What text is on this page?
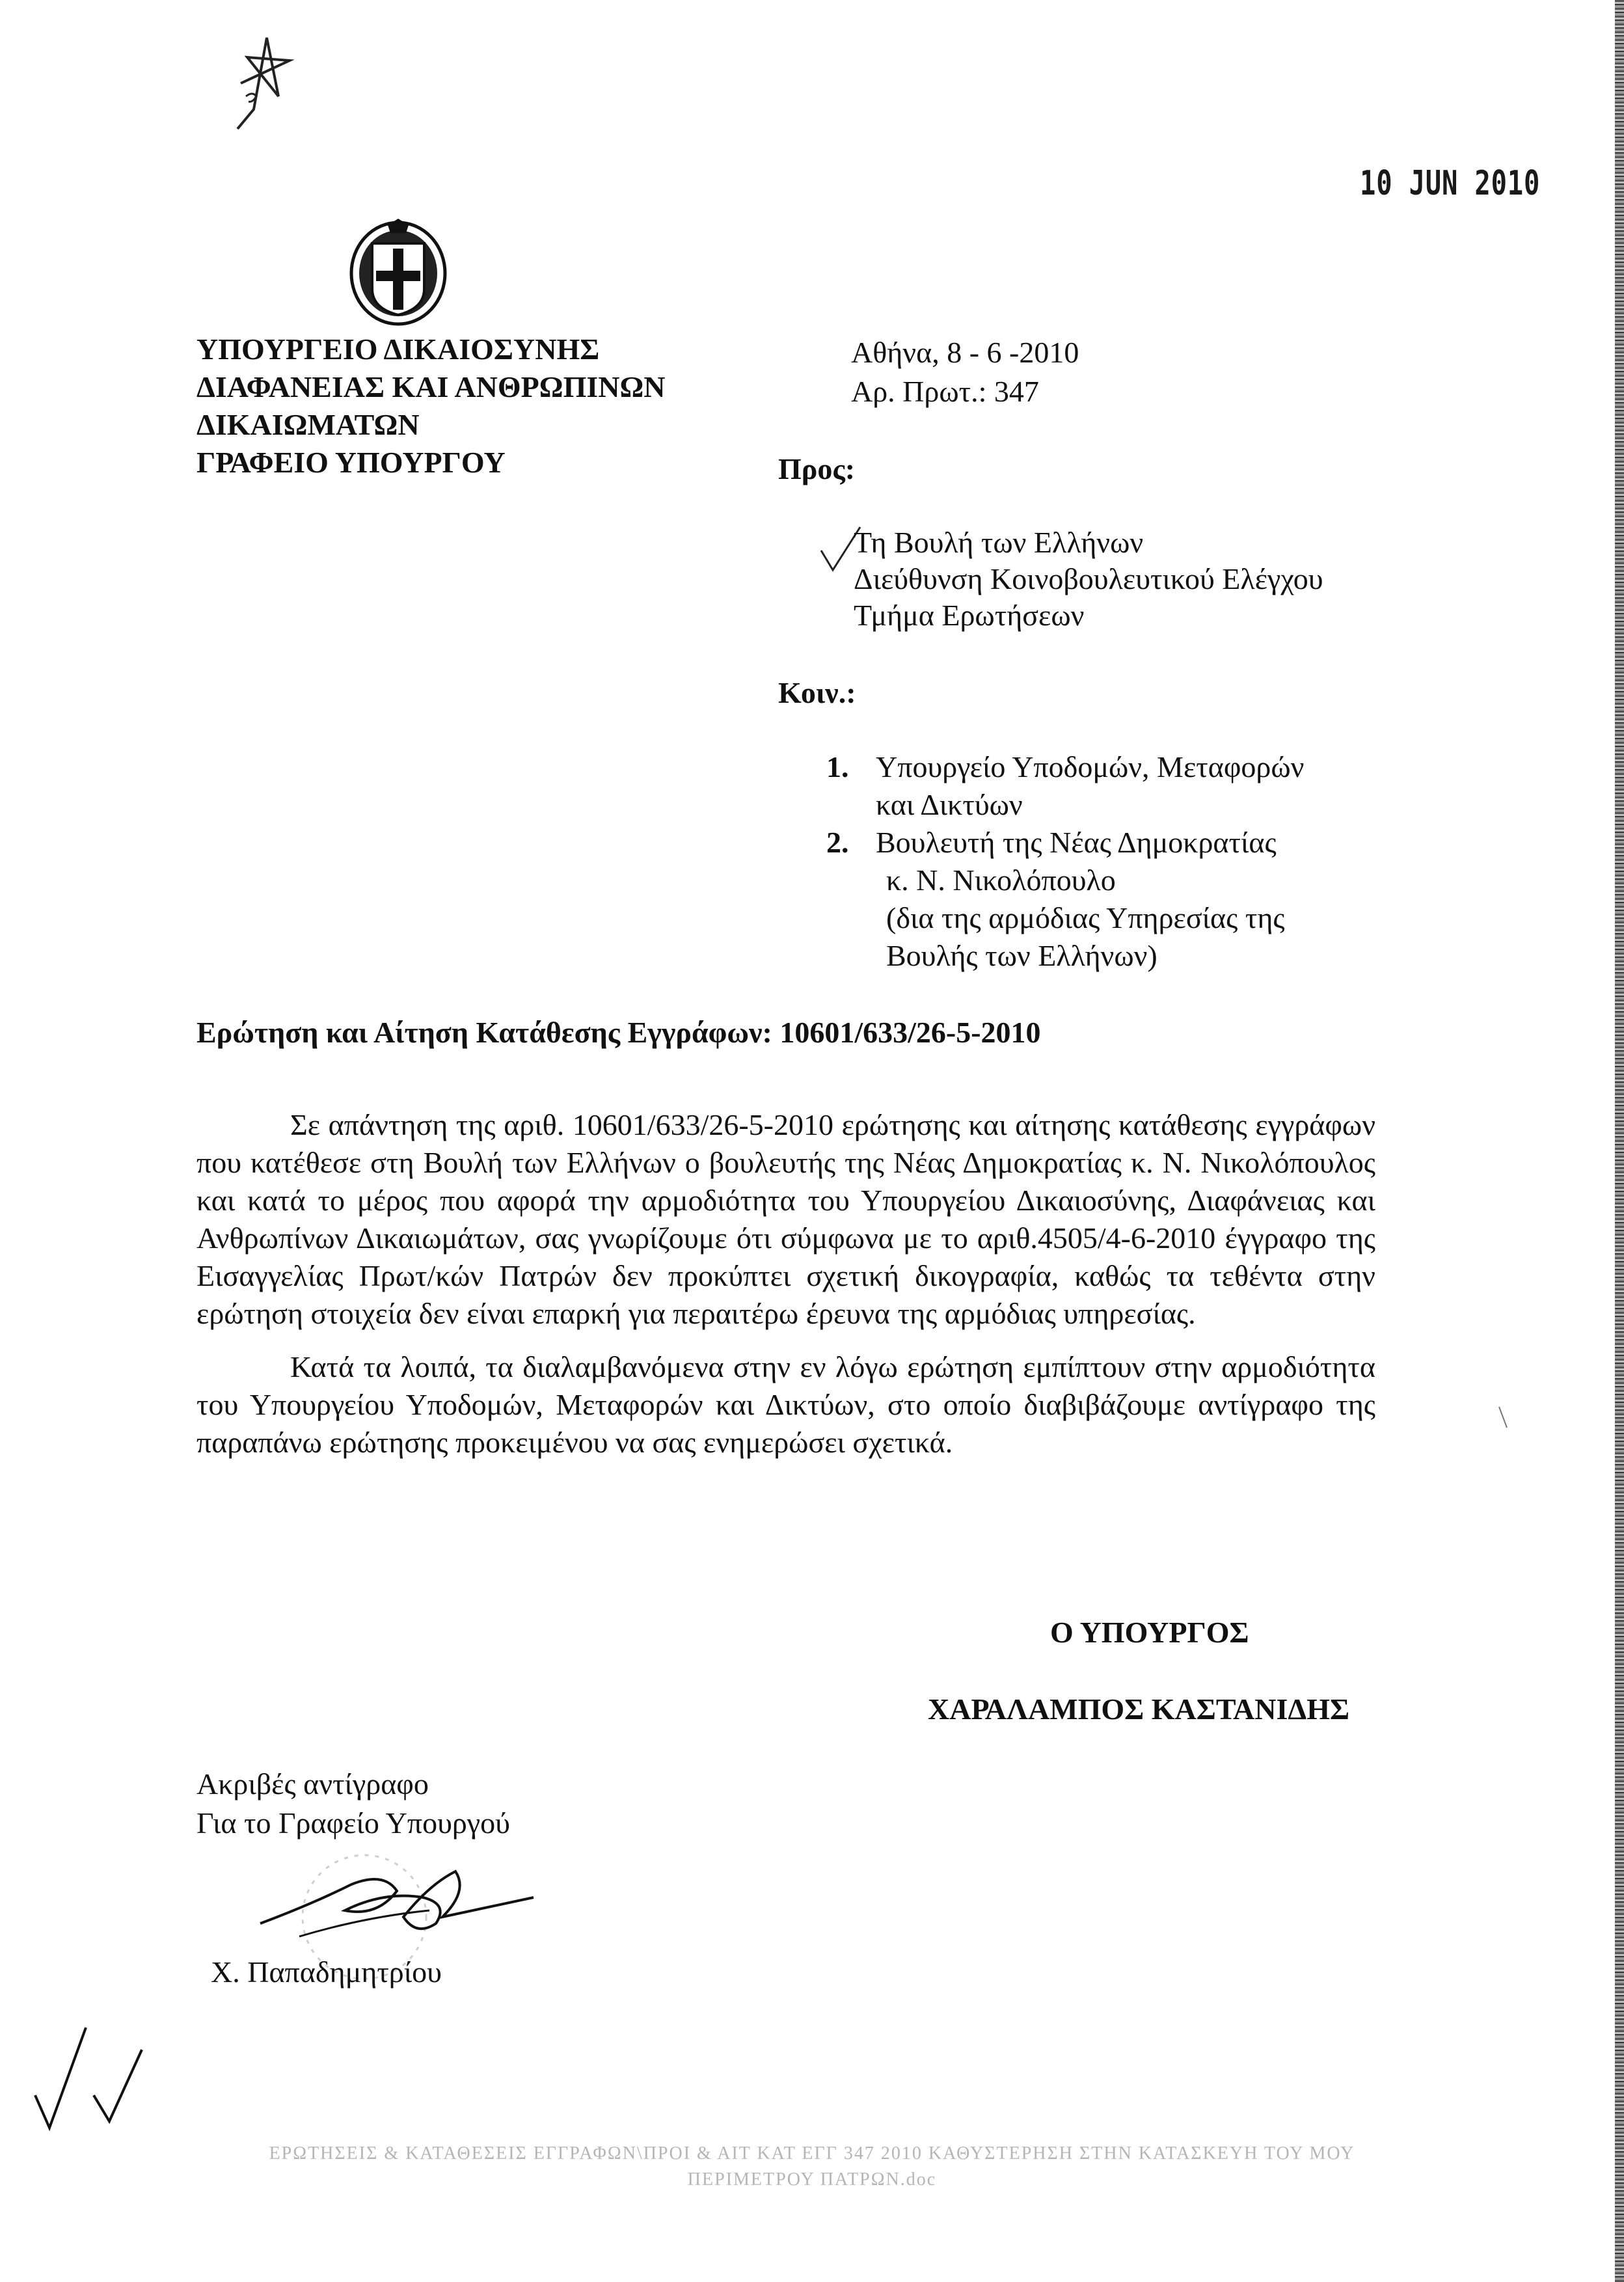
10 JUN 2010
ΥΠΟΥΡΓΕΙΟ ΔΙΚΑΙΟΣΥΝΗΣ
ΔΙΑΦΑΝΕΙΑΣ ΚΑΙ ΑΝΘΡΩΠΙΝΩΝ
ΔΙΚΑΙΩΜΑΤΩΝ
ΓΡΑΦΕΙΟ ΥΠΟΥΡΓΟΥ
Αθήνα, 8 - 6 -2010
Αρ. Πρωτ.: 347
Προς:
Τη Βουλή των Ελλήνων
Διεύθυνση Κοινοβουλευτικού Ελέγχου
Τμήμα Ερωτήσεων
Κοιν.:
1. Υπουργείο Υποδομών, Μεταφορών
και Δικτύων
2. Βουλευτή της Νέας Δημοκρατίας
κ. Ν. Νικολόπουλο
(δια της αρμόδιας Υπηρεσίας της
Βουλής των Ελλήνων)
Ερώτηση και Αίτηση Κατάθεσης Εγγράφων: 10601/633/26-5-2010

Σε απάντηση της αριθ. 10601/633/26-5-2010 ερώτησης και αίτησης κατάθεσης εγγράφων που κατέθεσε στη Βουλή των Ελλήνων ο βουλευτής της Νέας Δημοκρατίας κ. Ν. Νικολόπουλος και κατά το μέρος που αφορά την αρμοδιότητα του Υπουργείου Δικαιοσύνης, Διαφάνειας και Ανθρωπίνων Δικαιωμάτων, σας γνωρίζουμε ότι σύμφωνα με το αριθ.4505/4-6-2010 έγγραφο της Εισαγγελίας Πρωτ/κών Πατρών δεν προκύπτει σχετική δικογραφία, καθώς τα τεθέντα στην ερώτηση στοιχεία δεν είναι επαρκή για περαιτέρω έρευνα της αρμόδιας υπηρεσίας.

Κατά τα λοιπά, τα διαλαμβανόμενα στην εν λόγω ερώτηση εμπίπτουν στην αρμοδιότητα του Υπουργείου Υποδομών, Μεταφορών και Δικτύων, στο οποίο διαβιβάζουμε αντίγραφο της παραπάνω ερώτησης προκειμένου να σας ενημερώσει σχετικά.

Ο ΥΠΟΥΡΓΟΣ
ΧΑΡΑΛΑΜΠΟΣ ΚΑΣΤΑΝΙΔΗΣ
Ακριβές αντίγραφο
Για το Γραφείο Υπουργού
Χ. Παπαδημητρίου
ΕΡΩΤΗΣΕΙΣ & ΚΑΤΑΘΕΣΕΙΣ ΕΓΓΡΑΦΩΝ\ΠΡΟΙ & ΑΙΤ ΚΑΤ ΕΓΓ 347 2010 ΚΑΘΥΣΤΕΡΗΣΗ ΣΤΗΝ ΚΑΤΑΣΚΕΥΗ ΤΟΥ ΜΟΥ
ΠΕΡΙΜΕΤΡΟΥ ΠΑΤΡΩΝ.doc
